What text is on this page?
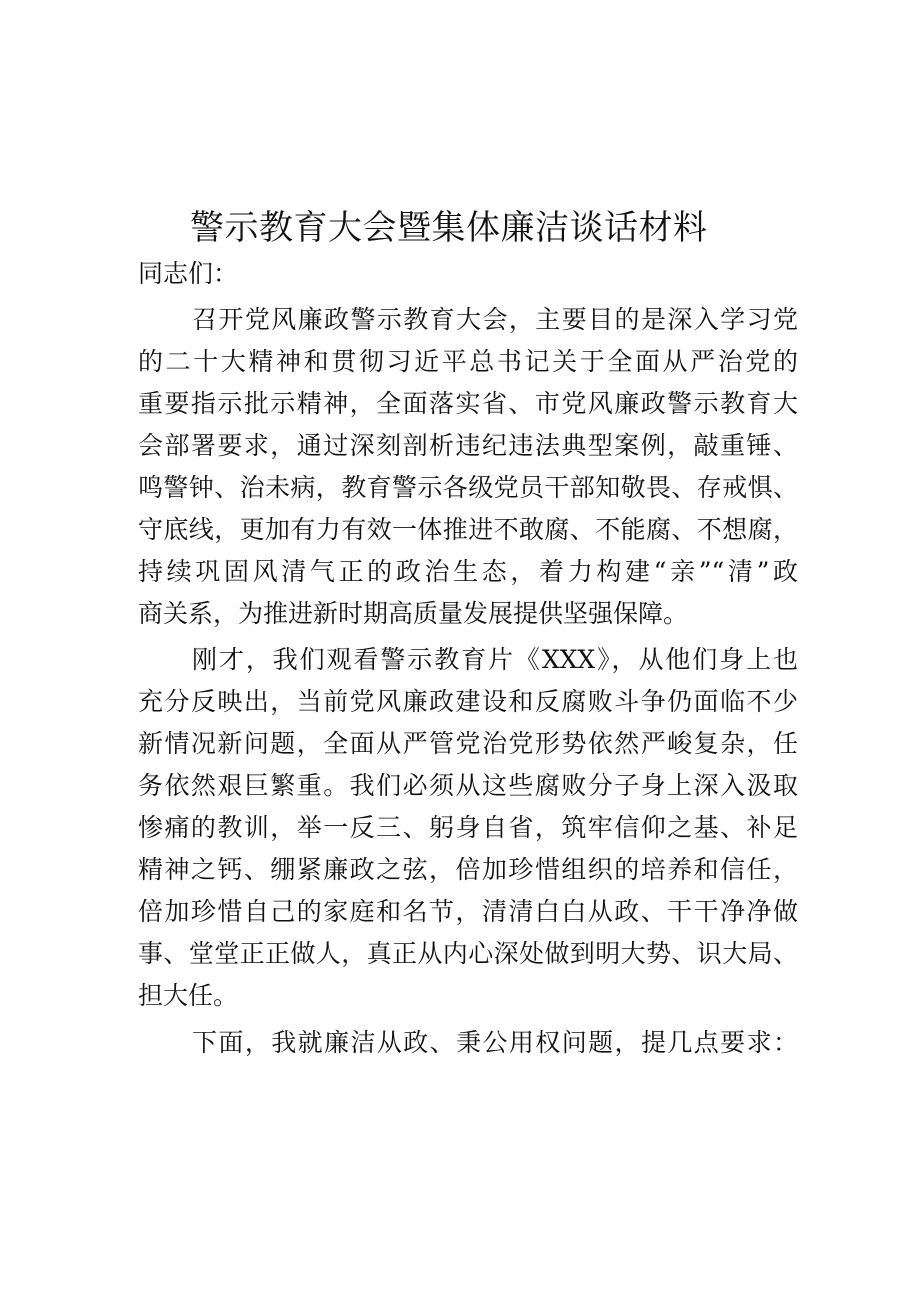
警示教育大会暨集体廉洁谈话材料

同志们：

召开党风廉政警示教育大会，主要目的是深入学习党
的二十大精神和贯彻习近平总书记关于全面从严治党的
重要指示批示精神，全面落实省、市党风廉政警示教育大
会部署要求，通过深刻剖析违纪违法典型案例，敲重锤、
鸣警钟、治未病，教育警示各级党员干部知敬畏、存戒惧、
守底线，更加有力有效一体推进不敢腐、不能腐、不想腐，
持续巩固风清气正的政治生态，着力构建“亲”“清”政
商关系，为推进新时期高质量发展提供坚强保障。
刚才，我们观看警示教育片《XXX》，从他们身上也
充分反映出，当前党风廉政建设和反腐败斗争仍面临不少
新情况新问题，全面从严管党治党形势依然严峻复杂，任
务依然艰巨繁重。我们必须从这些腐败分子身上深入汲取
惨痛的教训，举一反三、躬身自省，筑牢信仰之基、补足
精神之钙、绷紧廉政之弦，倍加珍惜组织的培养和信任，
倍加珍惜自己的家庭和名节，清清白白从政、干干净净做
事、堂堂正正做人，真正从内心深处做到明大势、识大局、
担大任。
下面，我就廉洁从政、秉公用权问题，提几点要求：
